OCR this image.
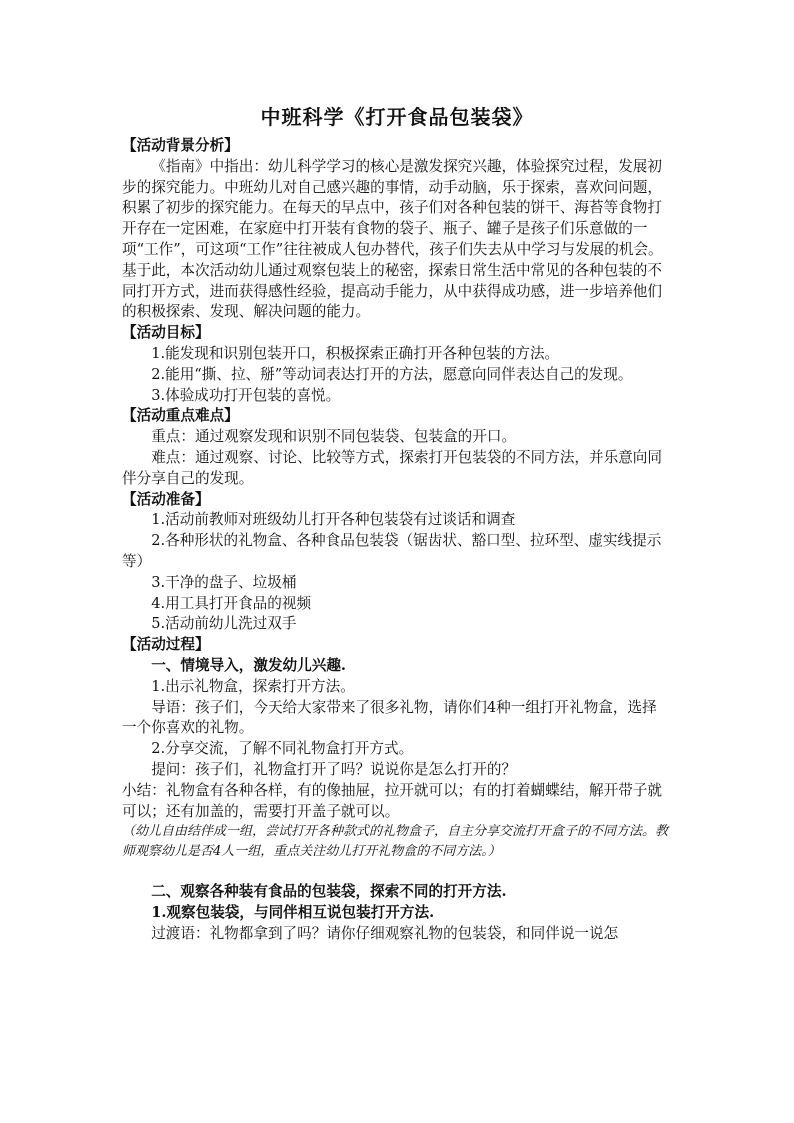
中班科学《打开食品包装袋》

【活动背景分析】

《指南》中指出：幼儿科学学习的核心是激发探究兴趣，体验探究过程，发展初步的探究能力。中班幼儿对自己感兴趣的事情，动手动脑，乐于探索，喜欢问问题，积累了初步的探究能力。在每天的早点中，孩子们对各种包装的饼干、海苔等食物打开存在一定困难，在家庭中打开装有食物的袋子、瓶子、罐子是孩子们乐意做的一项“工作”，可这项“工作”往往被成人包办替代，孩子们失去从中学习与发展的机会。基于此，本次活动幼儿通过观察包装上的秘密，探索日常生活中常见的各种包装的不同打开方式，进而获得感性经验，提高动手能力，从中获得成功感，进一步培养他们的积极探索、发现、解决问题的能力。

【活动目标】

1.能发现和识别包装开口，积极探索正确打开各种包装的方法。

2.能用“撕、拉、掰”等动词表达打开的方法，愿意向同伴表达自己的发现。

3.体验成功打开包装的喜悦。

【活动重点难点】

重点：通过观察发现和识别不同包装袋、包装盒的开口。

难点：通过观察、讨论、比较等方式，探索打开包装袋的不同方法，并乐意向同伴分享自己的发现。

【活动准备】

1.活动前教师对班级幼儿打开各种包装袋有过谈话和调查

2.各种形状的礼物盒、各种食品包装袋（锯齿状、豁口型、拉环型、虚实线提示等）

3.干净的盘子、垃圾桶

4.用工具打开食品的视频

5.活动前幼儿洗过双手

【活动过程】

一、情境导入，激发幼儿兴趣.

1.出示礼物盒，探索打开方法。

导语：孩子们，今天给大家带来了很多礼物，请你们4种一组打开礼物盒，选择一个你喜欢的礼物。

2.分享交流，了解不同礼物盒打开方式。

提问：孩子们，礼物盒打开了吗？说说你是怎么打开的？

小结：礼物盒有各种各样，有的像抽屉，拉开就可以；有的打着蝴蝶结，解开带子就可以；还有加盖的，需要打开盖子就可以。

（幼儿自由结伴成一组，尝试打开各种款式的礼物盒子，自主分享交流打开盒子的不同方法。教师观察幼儿是否4人一组，重点关注幼儿打开礼物盒的不同方法。）

二、观察各种装有食品的包装袋，探索不同的打开方法.

1.观察包装袋，与同伴相互说包装打开方法.

过渡语：礼物都拿到了吗？请你仔细观察礼物的包装袋，和同伴说一说怎
